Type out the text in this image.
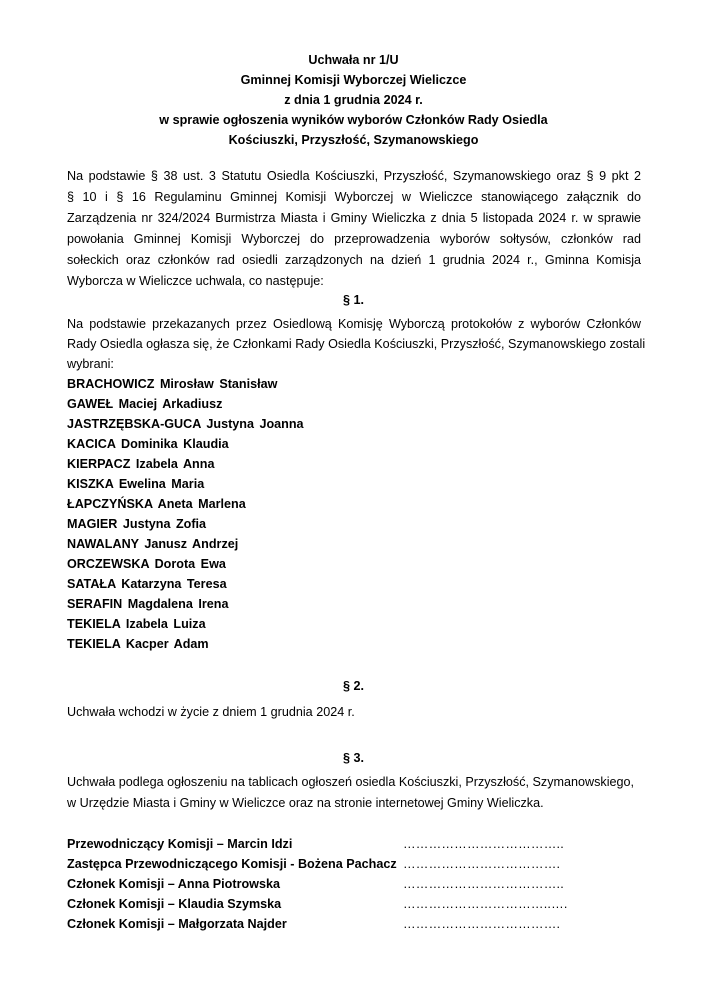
Uchwała nr 1/U
Gminnej Komisji Wyborczej Wieliczce
z dnia 1 grudnia 2024 r.
w sprawie ogłoszenia wyników wyborów Członków Rady Osiedla
Kościuszki, Przyszłość, Szymanowskiego
Na podstawie § 38 ust. 3 Statutu Osiedla Kościuszki, Przyszłość, Szymanowskiego oraz § 9 pkt 2
§ 10 i § 16 Regulaminu Gminnej Komisji Wyborczej w Wieliczce stanowiącego załącznik do
Zarządzenia nr 324/2024 Burmistrza Miasta i Gminy Wieliczka z dnia 5 listopada 2024 r. w sprawie
powołania Gminnej Komisji Wyborczej do przeprowadzenia wyborów sołtysów, członków rad
sołeckich oraz członków rad osiedli zarządzonych na dzień 1 grudnia 2024 r., Gminna Komisja
Wyborcza w Wieliczce uchwala, co następuje:
§ 1.
Na podstawie przekazanych przez Osiedlową Komisję Wyborczą protokołów z wyborów Członków
Rady Osiedla ogłasza się, że Członkami Rady Osiedla Kościuszki, Przyszłość, Szymanowskiego zostali
wybrani:
BRACHOWICZ Mirosław Stanisław
GAWEŁ Maciej Arkadiusz
JASTRZĘBSKA-GUCA Justyna Joanna
KACICA Dominika Klaudia
KIERPACZ Izabela Anna
KISZKA Ewelina Maria
ŁAPCZYŃSKA Aneta Marlena
MAGIER Justyna Zofia
NAWALANY Janusz Andrzej
ORCZEWSKA Dorota Ewa
SATAŁA Katarzyna Teresa
SERAFIN Magdalena Irena
TEKIELA Izabela Luiza
TEKIELA Kacper Adam
§ 2.
Uchwała wchodzi w życie z dniem 1 grudnia 2024 r.
§ 3.
Uchwała podlega ogłoszeniu na tablicach ogłoszeń osiedla Kościuszki, Przyszłość, Szymanowskiego,
w Urzędzie Miasta i Gminy w Wieliczce oraz na stronie internetowej Gminy Wieliczka.
Przewodniczący Komisji – Marcin Idzi	………………………………..
Zastępca Przewodniczącego Komisji - Bożena Pachacz ……………………………….
Członek Komisji – Anna Piotrowska	………………………………..
Członek Komisji – Klaudia Szymska	……………………………..….
Członek Komisji – Małgorzata Najder	……………………………….
